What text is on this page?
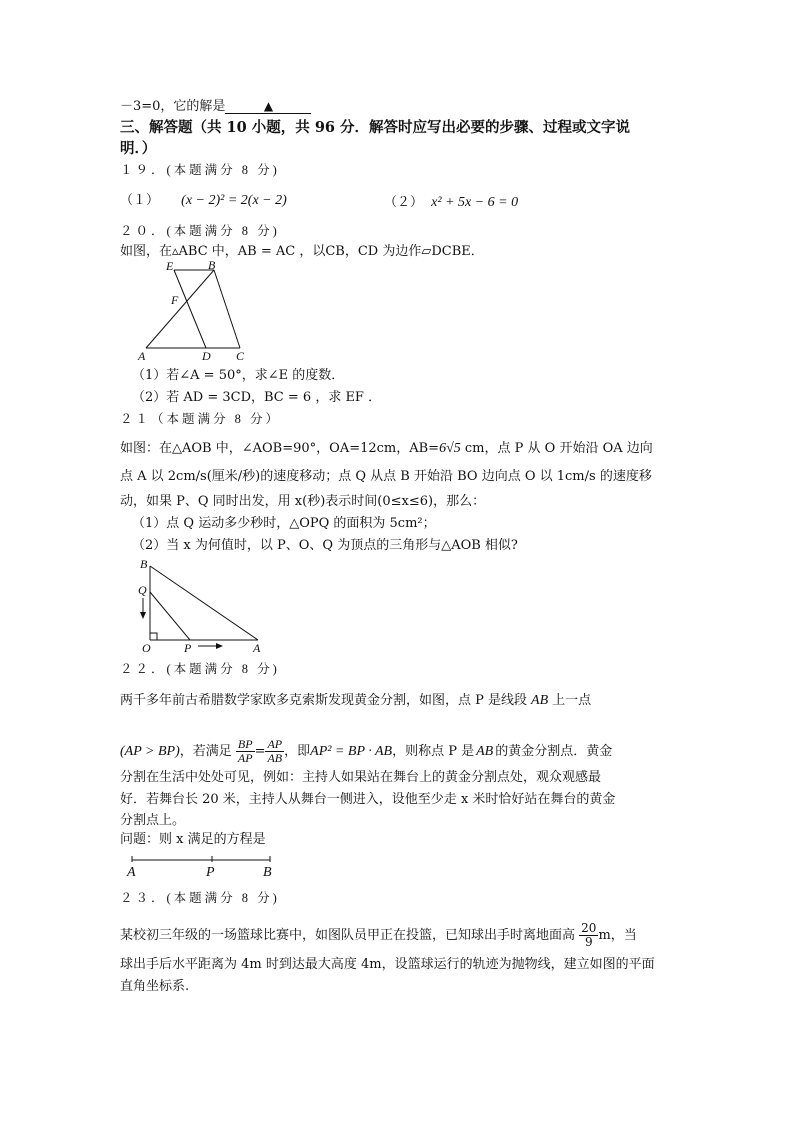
－3=0，它的解是	▲
三、解答题（共 10 小题，共 96 分．解答时应写出必要的步骤、过程或文字说
明．）
１９．(本题满分 8 分)
（１） (x − 2)² = 2(x − 2)	（２） x² + 5x − 6 = 0
２０．(本题满分 8 分)
如图，在▵ABC 中，AB = AC ，以CB，CD 为边作▱DCBE．
E	B
F
A	D C
（1）若∠A = 50°，求∠E 的度数．
（2）若 AD = 3CD，BC = 6 ，求 EF ．
２１（本题满分 8 分）
如图：在△AOB 中，∠AOB=90°，OA=12cm，AB=6√5 cm，点 P 从 O 开始沿 OA 边向
点 A 以 2cm/s(厘米/秒)的速度移动；点 Q 从点 B 开始沿 BO 边向点 O 以 1cm/s 的速度移
动，如果 P、Q 同时出发，用 x(秒)表示时间(0≤x≤6)，那么：
（1）点 Q 运动多少秒时，△OPQ 的面积为 5cm²；
（2）当 x 为何值时，以 P、O、Q 为顶点的三角形与△AOB 相似?
B
Q
O	P	A
２２．(本题满分 8 分)
两千多年前古希腊数学家欧多克索斯发现黄金分割，如图，点 P 是线段 AB 上一点
(AP > BP)，若满足 $\frac{BP}{AP} = \frac{AP}{AB}$ ，即AP² = BP · AB，则称点 P 是 AB 的黄金分割点．黄金
分割在生活中处处可见，例如：主持人如果站在舞台上的黄金分割点处，观众观感最
好．若舞台长 20 米，主持人从舞台一侧进入，设他至少走 x 米时恰好站在舞台的黄金
分割点上。
问题：则 x 满足的方程是
A	P	B
２３．(本题满分 8 分)
某校初三年级的一场篮球比赛中，如图队员甲正在投篮，已知球出手时离地面高 $\frac{20}{9}$ m，当
球出手后水平距离为 4m 时到达最大高度 4m，设篮球运行的轨迹为抛物线，建立如图的平面
直角坐标系.
